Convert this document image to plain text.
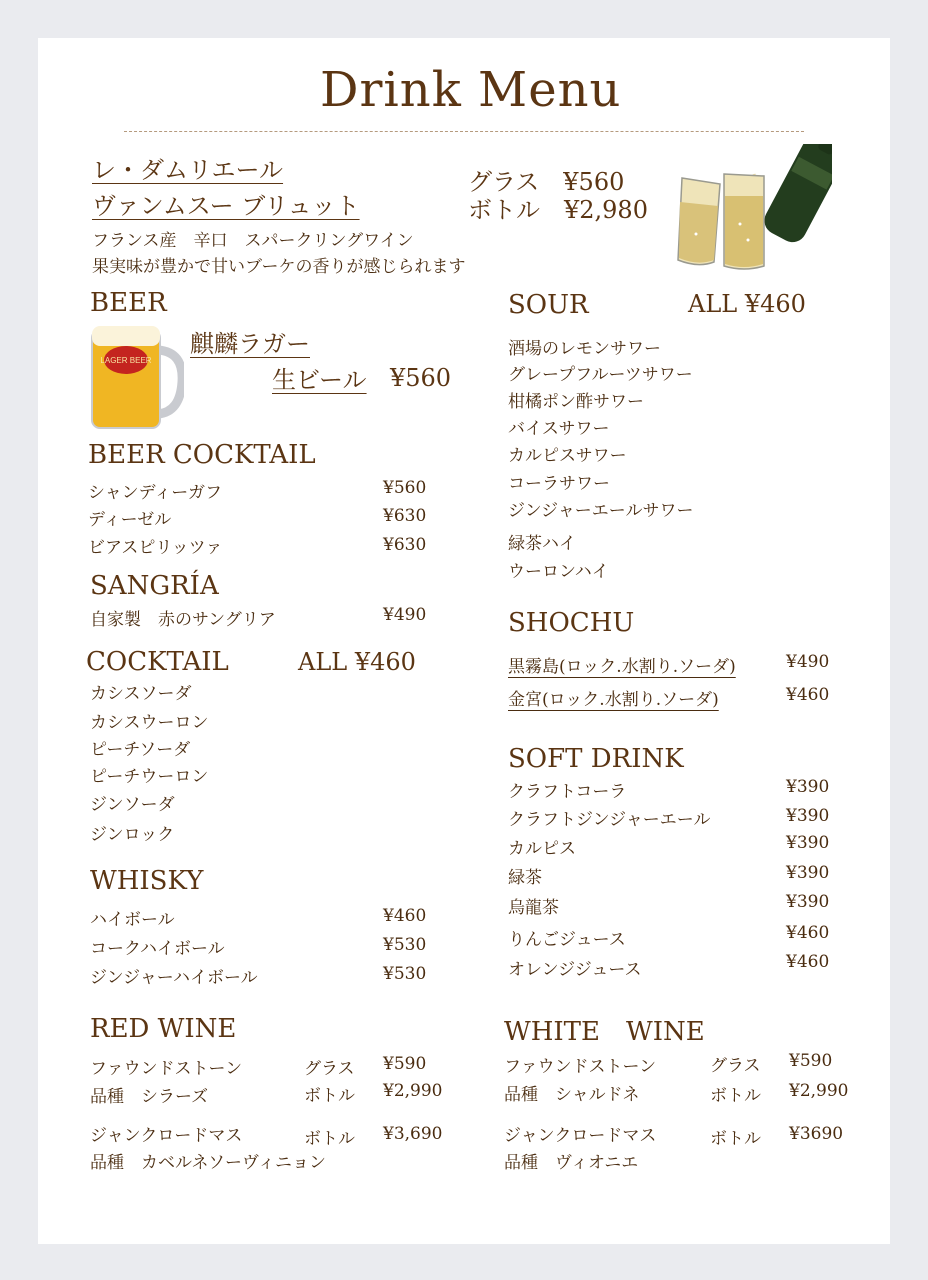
Drink Menu
レ・ダムリエール
ヴァンムスー ブリュット
グラス　¥560
ボトル　¥2,980
フランス産　辛口　スパークリングワイン
果実味が豊かで甘いブーケの香りが感じられます
BEER
LAGER BEER
麒麟ラガー
生ビール ¥560
BEER COCKTAIL
シャンディーガフ	¥560
ディーゼル	¥630
ビアスピリッツァ	¥630
SANGRÍA
自家製　赤のサングリア	¥490
COCKTAIL	ALL ¥460
カシスソーダ
カシスウーロン
ピーチソーダ
ピーチウーロン
ジンソーダ
ジンロック
WHISKY
ハイボール	¥460
コークハイボール	¥530
ジンジャーハイボール	¥530
RED WINE
ファウンドストーン	グラス ¥590
品種　シラーズ	ボトル ¥2,990
ジャンクロードマス	ボトル ¥3,690
品種　カベルネソーヴィニョン
SOUR	ALL ¥460
酒場のレモンサワー
グレープフルーツサワー
柑橘ポン酢サワー
バイスサワー
カルピスサワー
コーラサワー
ジンジャーエールサワー
緑茶ハイ
ウーロンハイ
SHOCHU
黒霧島(ロック.水割り.ソーダ)	¥490
金宮(ロック.水割り.ソーダ)	¥460
SOFT DRINK
クラフトコーラ	¥390
クラフトジンジャーエール	¥390
カルピス	¥390
緑茶	¥390
烏龍茶	¥390
りんごジュース	¥460
オレンジジュース	¥460
WHITE　WINE
ファウンドストーン	グラス ¥590
品種　シャルドネ	ボトル ¥2,990
ジャンクロードマス	ボトル ¥3690
品種　ヴィオニエ
